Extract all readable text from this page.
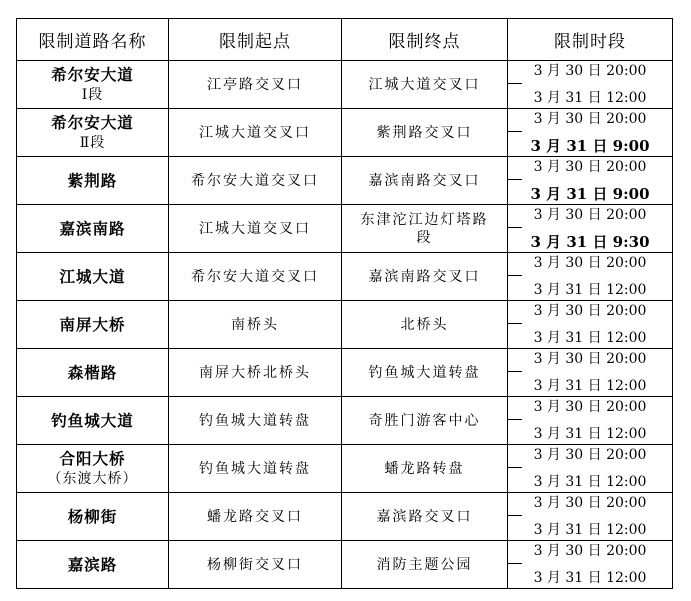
限制道路名称	限制起点	限制终点	限制时段
希尔安大道
Ⅰ段	江亭路交叉口	江城大道交叉口	3 月 30 日 20:00
3 月 31 日 12:00

希尔安大道
Ⅱ段	江城大道交叉口	紫荆路交叉口	3 月 30 日 20:00
3 月 31 日 9:00

紫荆路	希尔安大道交叉口	嘉滨南路交叉口	3 月 30 日 20:00
3 月 31 日 9:00

嘉滨南路	江城大道交叉口	东津沱江边灯塔路段	3 月 30 日 20:00
3 月 31 日 9:30

江城大道	希尔安大道交叉口	嘉滨南路交叉口	3 月 30 日 20:00
3 月 31 日 12:00

南屏大桥	南桥头	北桥头	3 月 30 日 20:00
3 月 31 日 12:00

森楷路	南屏大桥北桥头	钓鱼城大道转盘	3 月 30 日 20:00
3 月 31 日 12:00

钓鱼城大道	钓鱼城大道转盘	奇胜门游客中心	3 月 30 日 20:00
3 月 31 日 12:00

合阳大桥
（东渡大桥）	钓鱼城大道转盘	蟠龙路转盘	3 月 30 日 20:00
3 月 31 日 12:00

杨柳街	蟠龙路交叉口	嘉滨路交叉口	3 月 30 日 20:00
3 月 31 日 12:00

嘉滨路	杨柳街交叉口	消防主题公园	3 月 30 日 20:00
3 月 31 日 12:00
